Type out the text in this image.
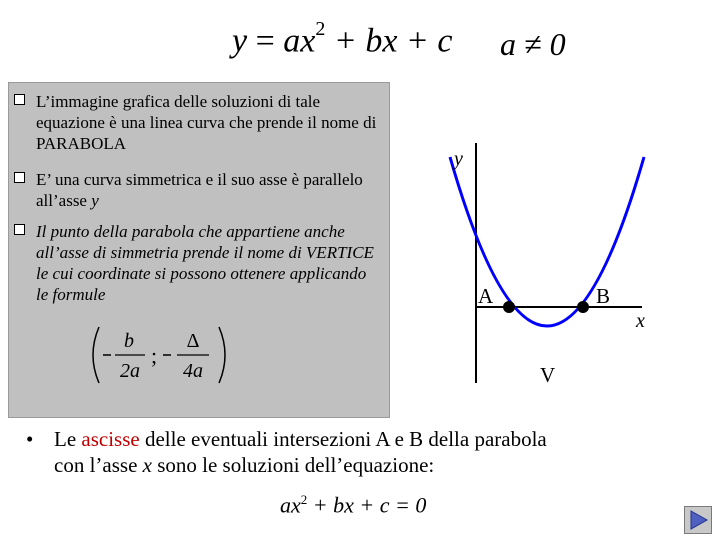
$y = ax^2$ + bx + c a ≠ 0
L’immagine grafica delle soluzioni di tale equazione è una linea curva che prende il nome di PARABOLA
E’ una curva simmetrica e il suo asse è parallelo all’asse y
Il punto della parabola che appartiene anche all’asse di simmetria prende il nome di VERTICE le cui coordinate si possono ottenere applicando le formule
b
2a
;
Δ
4a
y
x
A	B
V
• Le ascisse delle eventuali intersezioni A e B della parabola con l’asse x sono le soluzioni dell’equazione:
$ax^2$ + bx + c = 0
